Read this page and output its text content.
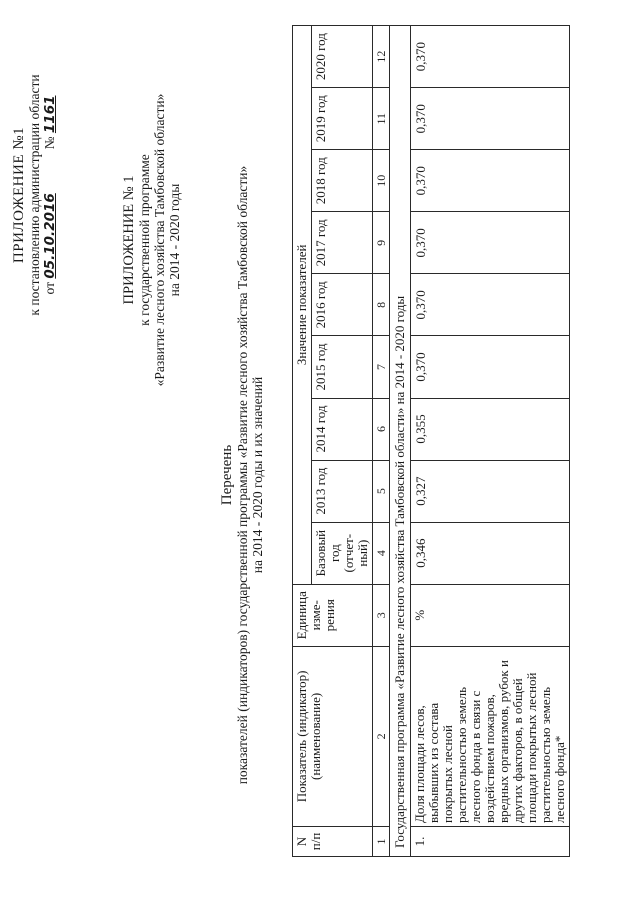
ПРИЛОЖЕНИЕ №1 к постановлению администрации области от 05.10.2016             № 1161
ПРИЛОЖЕНИЕ № 1 к государственной программе «Развитие лесного хозяйства Тамбовской области» на 2014 - 2020 годы
Перечень показателей (индикаторов) государственной программы «Развитие лесного хозяйства Тамбовской области» на 2014 - 2020 годы и их значений
N п/п	Показатель (индикатор) (наименование)	Единица изме-рения	Значение показателей								
			Базовый год (отчет-ный)	2013 год	2014 год	2015 год	2016 год	2017 год	2018 год	2019 год	2020 год
1	2	3	4	5	6	7	8	9	10	11	12
Государственная программа «Развитие лесного хозяйства Тамбовской области» на 2014 - 2020 годы											
1.	Доля площади лесов, выбывших из состава покрытых лесной растительностью земель лесного фонда в связи с воздействием пожаров, вредных организмов, рубок и других факторов, в общей площади покрытых лесной растительностью земель лесного фонда*	%	0,346	0,327	0,355	0,370	0,370	0,370	0,370	0,370	0,370
